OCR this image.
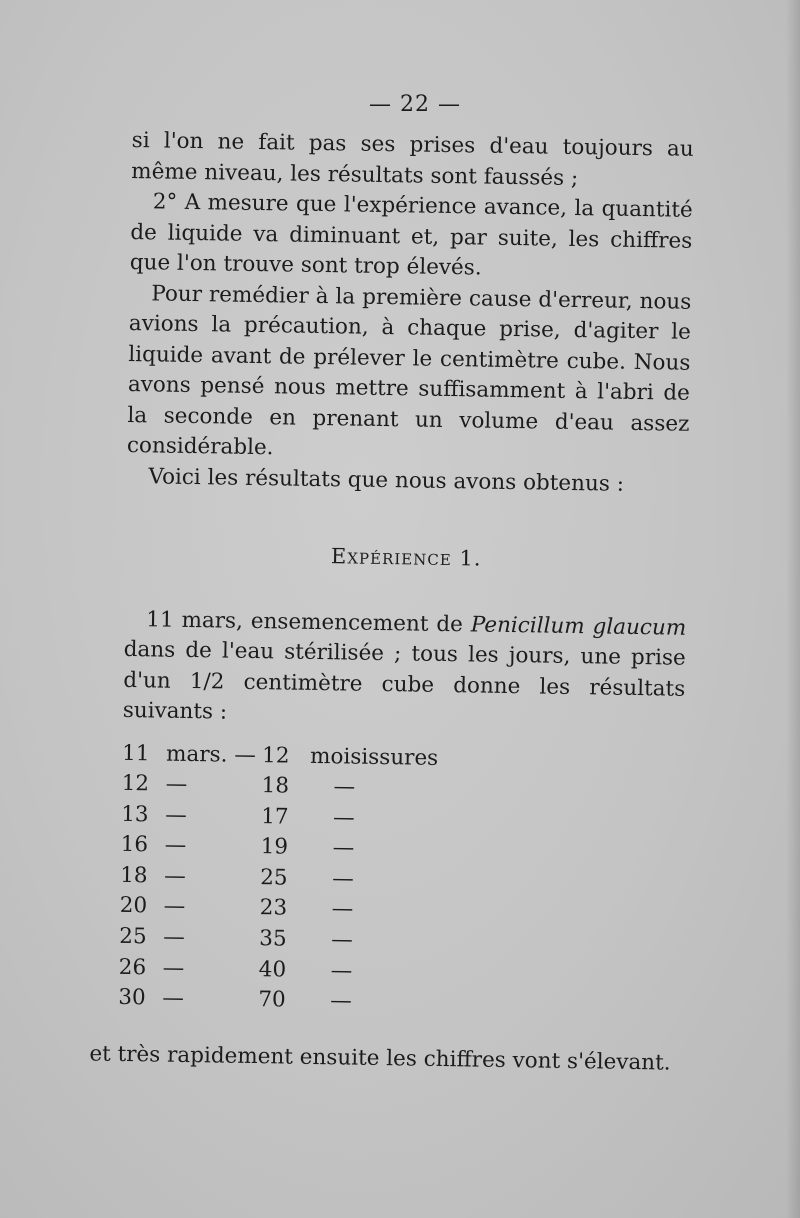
— 22 —

si l'on ne fait pas ses prises d'eau toujours au même niveau, les résultats sont faussés ;

2° A mesure que l'expérience avance, la quantité de liquide va diminuant et, par suite, les chiffres que l'on trouve sont trop élevés.

Pour remédier à la première cause d'erreur, nous avions la précaution, à chaque prise, d'agiter le liquide avant de prélever le centimètre cube. Nous avons pensé nous mettre suffisamment à l'abri de la seconde en prenant un volume d'eau assez considérable.

Voici les résultats que nous avons obtenus :

Expérience 1.

11 mars, ensemencement de Penicillum glaucum dans de l'eau stérilisée ; tous les jours, une prise d'un 1/2 centimètre cube donne les résultats suivants :

11 mars. — 12 moisissures
12 —	18	—
13 —	17	—
16 —	19	—
18 —	25	—
20 —	23	—
25 —	35	—
26 —	40	—
30 —	70	—

et très rapidement ensuite les chiffres vont s'élevant.
